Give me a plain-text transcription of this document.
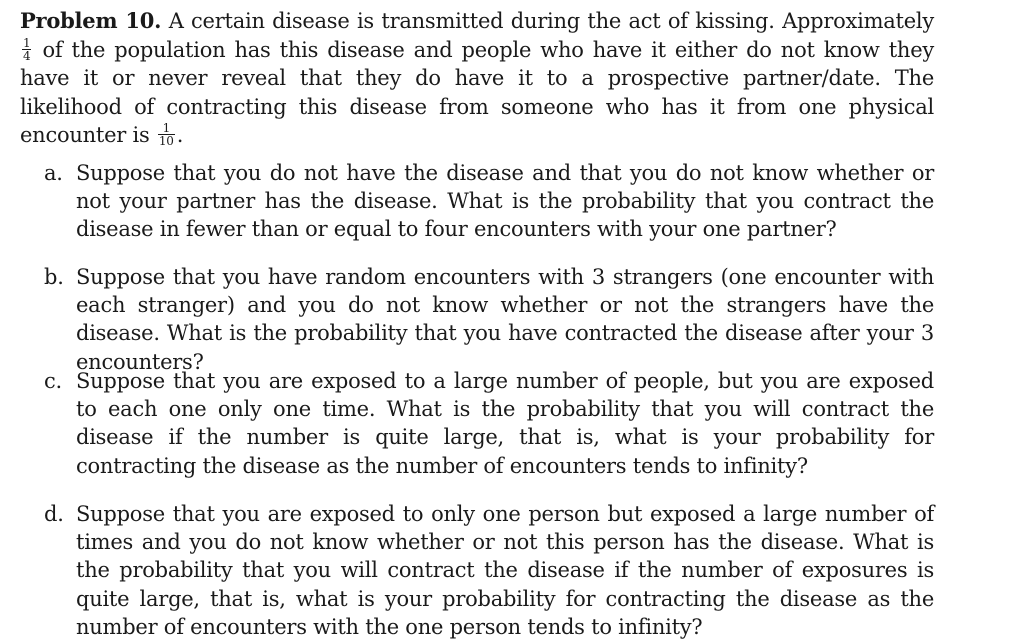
Problem 10. A certain disease is transmitted during the act of kissing. Approximately
$\frac{1}{4}$ of the population has this disease and people who have it either do not know they have it or never reveal that they do have it to a prospective partner/date. The likelihood of contracting this disease from someone who has it from one physical encounter is $\frac{1}{10}$ .
a. Suppose that you do not have the disease and that you do not know whether or not your partner has the disease. What is the probability that you contract the disease in fewer than or equal to four encounters with your one partner?
b. Suppose that you have random encounters with 3 strangers (one encounter with each stranger) and you do not know whether or not the strangers have the disease. What is the probability that you have contracted the disease after your 3 encounters?
c. Suppose that you are exposed to a large number of people, but you are exposed to each one only one time. What is the probability that you will contract the disease if the number is quite large, that is, what is your probability for contracting the disease as the number of encounters tends to infinity?
d. Suppose that you are exposed to only one person but exposed a large number of times and you do not know whether or not this person has the disease. What is the probability that you will contract the disease if the number of exposures is quite large, that is, what is your probability for contracting the disease as the number of encounters with the one person tends to infinity?
